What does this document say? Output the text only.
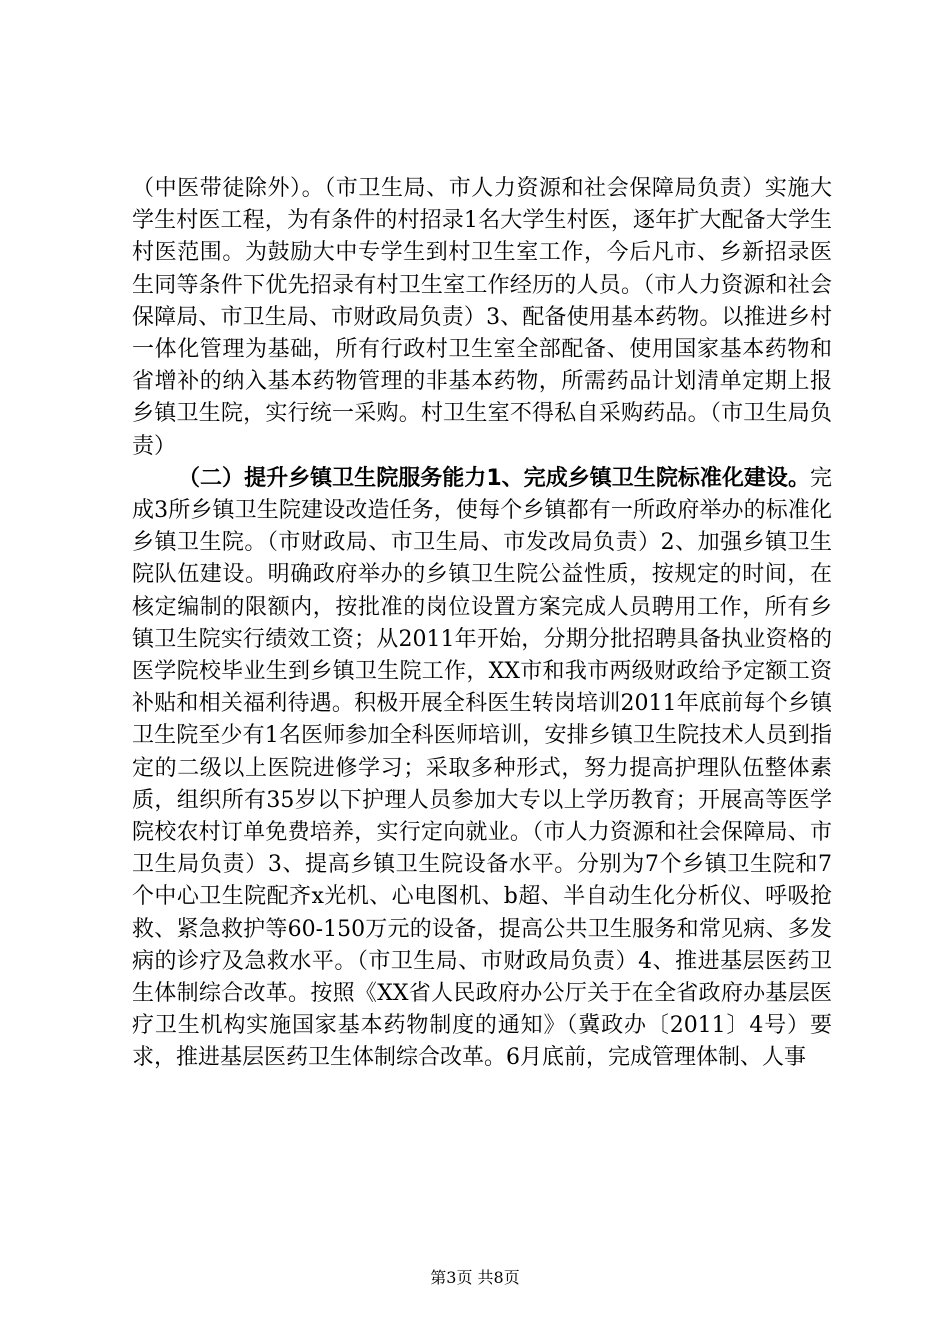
（中医带徒除外）。（市卫生局、市人力资源和社会保障局负责）实施大学生村医工程，为有条件的村招录1名大学生村医，逐年扩大配备大学生村医范围。为鼓励大中专学生到村卫生室工作，今后凡市、乡新招录医生同等条件下优先招录有村卫生室工作经历的人员。（市人力资源和社会保障局、市卫生局、市财政局负责）3、配备使用基本药物。以推进乡村一体化管理为基础，所有行政村卫生室全部配备、使用国家基本药物和省增补的纳入基本药物管理的非基本药物，所需药品计划清单定期上报乡镇卫生院，实行统一采购。村卫生室不得私自采购药品。（市卫生局负责）

（二）提升乡镇卫生院服务能力1、完成乡镇卫生院标准化建设。完成3所乡镇卫生院建设改造任务，使每个乡镇都有一所政府举办的标准化乡镇卫生院。（市财政局、市卫生局、市发改局负责）2、加强乡镇卫生院队伍建设。明确政府举办的乡镇卫生院公益性质，按规定的时间，在核定编制的限额内，按批准的岗位设置方案完成人员聘用工作，所有乡镇卫生院实行绩效工资；从2011年开始，分期分批招聘具备执业资格的医学院校毕业生到乡镇卫生院工作，XX市和我市两级财政给予定额工资补贴和相关福利待遇。积极开展全科医生转岗培训2011年底前每个乡镇卫生院至少有1名医师参加全科医师培训，安排乡镇卫生院技术人员到指定的二级以上医院进修学习；采取多种形式，努力提高护理队伍整体素质，组织所有35岁以下护理人员参加大专以上学历教育；开展高等医学院校农村订单免费培养，实行定向就业。（市人力资源和社会保障局、市卫生局负责）3、提高乡镇卫生院设备水平。分别为7个乡镇卫生院和7个中心卫生院配齐x光机、心电图机、b超、半自动生化分析仪、呼吸抢救、紧急救护等60-150万元的设备，提高公共卫生服务和常见病、多发病的诊疗及急救水平。（市卫生局、市财政局负责）4、推进基层医药卫生体制综合改革。按照《XX省人民政府办公厅关于在全省政府办基层医疗卫生机构实施国家基本药物制度的通知》（冀政办〔2011〕4号）要求，推进基层医药卫生体制综合改革。6月底前，完成管理体制、人事

第3页 共8页
